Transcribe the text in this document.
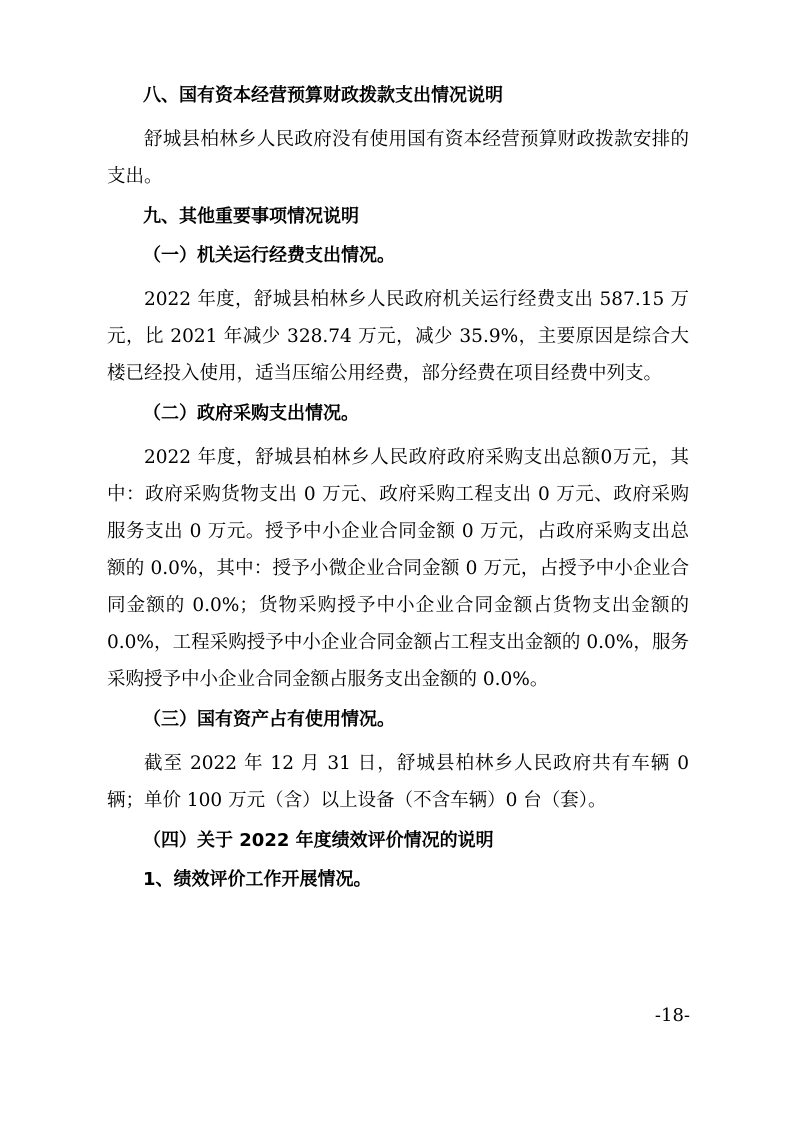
八、国有资本经营预算财政拨款支出情况说明

舒城县柏林乡人民政府没有使用国有资本经营预算财政拨款安排的支出。

九、其他重要事项情况说明

（一）机关运行经费支出情况。

2022 年度，舒城县柏林乡人民政府机关运行经费支出 587.15 万元，比 2021 年减少 328.74 万元，减少 35.9%，主要原因是综合大楼已经投入使用，适当压缩公用经费，部分经费在项目经费中列支。

（二）政府采购支出情况。

2022 年度，舒城县柏林乡人民政府政府采购支出总额0万元，其中：政府采购货物支出 0 万元、政府采购工程支出 0 万元、政府采购服务支出 0 万元。授予中小企业合同金额 0 万元，占政府采购支出总额的 0.0%，其中：授予小微企业合同金额 0 万元，占授予中小企业合同金额的 0.0%；货物采购授予中小企业合同金额占货物支出金额的 0.0%，工程采购授予中小企业合同金额占工程支出金额的 0.0%，服务采购授予中小企业合同金额占服务支出金额的 0.0%。

（三）国有资产占有使用情况。

截至 2022 年 12 月 31 日，舒城县柏林乡人民政府共有车辆 0 辆；单价 100 万元（含）以上设备（不含车辆）0 台（套）。

（四）关于 2022 年度绩效评价情况的说明

1、绩效评价工作开展情况。

-18-
